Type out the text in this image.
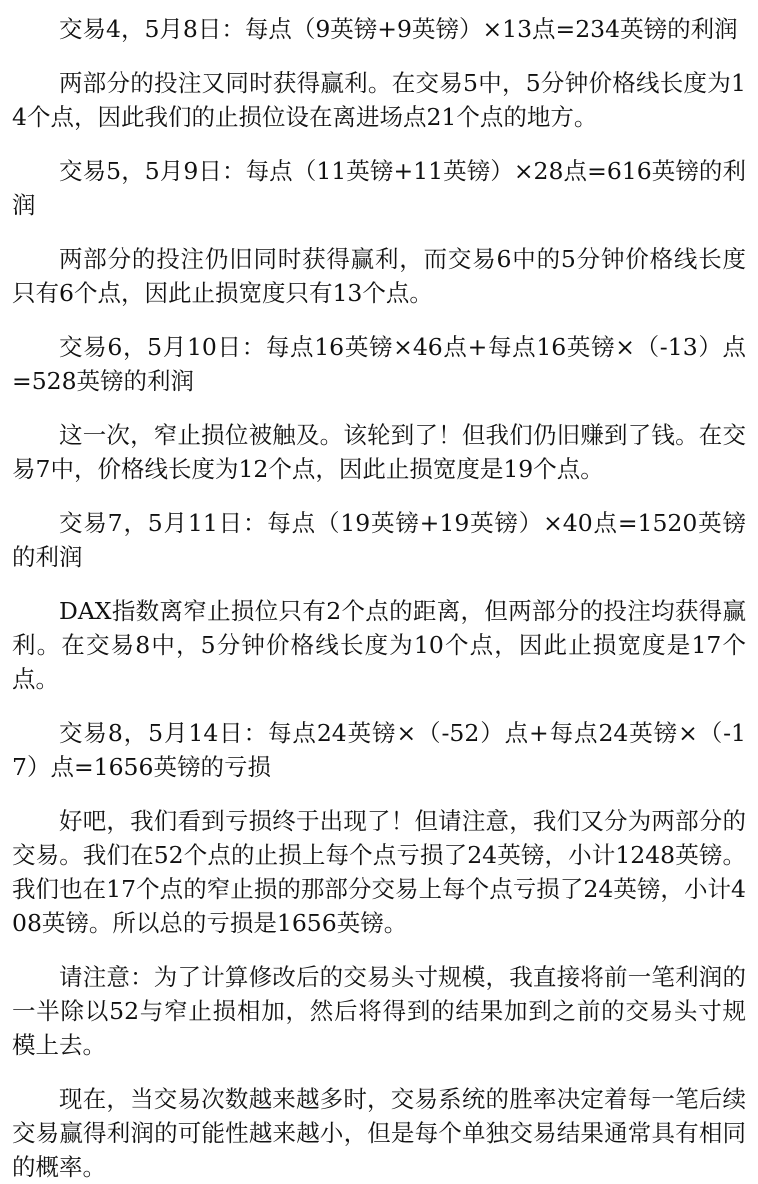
交易4，5月8日：每点（9英镑+9英镑）×13点=234英镑的利润

两部分的投注又同时获得赢利。在交易5中，5分钟价格线长度为14个点，因此我们的止损位设在离进场点21个点的地方。

交易5，5月9日：每点（11英镑+11英镑）×28点=616英镑的利润

两部分的投注仍旧同时获得赢利，而交易6中的5分钟价格线长度只有6个点，因此止损宽度只有13个点。

交易6，5月10日：每点16英镑×46点+每点16英镑×（-13）点=528英镑的利润

这一次，窄止损位被触及。该轮到了！但我们仍旧赚到了钱。在交易7中，价格线长度为12个点，因此止损宽度是19个点。

交易7，5月11日：每点（19英镑+19英镑）×40点=1520英镑的利润

DAX指数离窄止损位只有2个点的距离，但两部分的投注均获得赢利。在交易8中，5分钟价格线长度为10个点，因此止损宽度是17个点。

交易8，5月14日：每点24英镑×（-52）点+每点24英镑×（-17）点=1656英镑的亏损

好吧，我们看到亏损终于出现了！但请注意，我们又分为两部分的交易。我们在52个点的止损上每个点亏损了24英镑，小计1248英镑。我们也在17个点的窄止损的那部分交易上每个点亏损了24英镑，小计408英镑。所以总的亏损是1656英镑。

请注意：为了计算修改后的交易头寸规模，我直接将前一笔利润的一半除以52与窄止损相加，然后将得到的结果加到之前的交易头寸规模上去。

现在，当交易次数越来越多时，交易系统的胜率决定着每一笔后续交易赢得利润的可能性越来越小，但是每个单独交易结果通常具有相同的概率。
